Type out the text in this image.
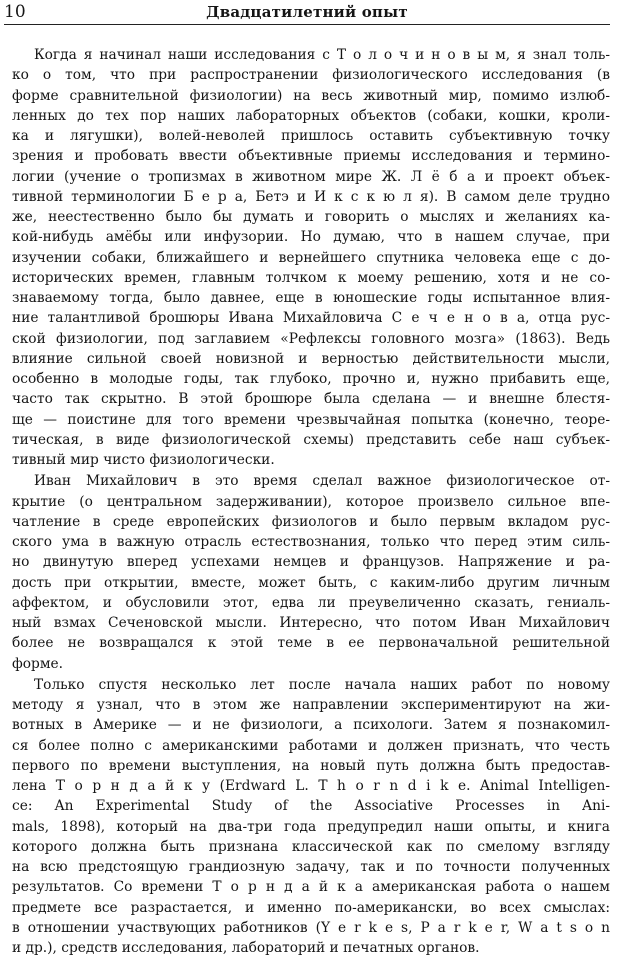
10	Двадцатилетний опыт
Когда я начинал наши исследования с Т о л о ч и н о в ы м, я знал толь-
ко о том, что при распространении физиологического исследования (в
форме сравнительной физиологии) на весь животный мир, помимо излюб-
ленных до тех пор наших лабораторных объектов (собаки, кошки, кроли-
ка и лягушки), волей-неволей пришлось оставить субъективную точку
зрения и пробовать ввести объективные приемы исследования и термино-
логии (учение о тропизмах в животном мире Ж. Л ё б а и проект объек-
тивной терминологии Б е р а, Бетэ и И к с к ю л я). В самом деле трудно
же, неестественно было бы думать и говорить о мыслях и желаниях ка-
кой-нибудь амёбы или инфузории. Но думаю, что в нашем случае, при
изучении собаки, ближайшего и вернейшего спутника человека еще с до-
исторических времен, главным толчком к моему решению, хотя и не со-
знаваемому тогда, было давнее, еще в юношеские годы испытанное влия-
ние талантливой брошюры Ивана Михайловича С е ч е н о в а, отца рус-
ской физиологии, под заглавием «Рефлексы головного мозга» (1863). Ведь
влияние сильной своей новизной и верностью действительности мысли,
особенно в молодые годы, так глубоко, прочно и, нужно прибавить еще,
часто так скрытно. В этой брошюре была сделана — и внешне блестя-
ще — поистине для того времени чрезвычайная попытка (конечно, теоре-
тическая, в виде физиологической схемы) представить себе наш субъек-
тивный мир чисто физиологически.
Иван Михайлович в это время сделал важное физиологическое от-
крытие (о центральном задерживании), которое произвело сильное впе-
чатление в среде европейских физиологов и было первым вкладом рус-
ского ума в важную отрасль естествознания, только что перед этим силь-
но двинутую вперед успехами немцев и французов. Напряжение и ра-
дость при открытии, вместе, может быть, с каким-либо другим личным
аффектом, и обусловили этот, едва ли преувеличенно сказать, гениаль-
ный взмах Сеченовской мысли. Интересно, что потом Иван Михайлович
более не возвращался к этой теме в ее первоначальной решительной
форме.
Только спустя несколько лет после начала наших работ по новому
методу я узнал, что в этом же направлении экспериментируют на жи-
вотных в Америке — и не физиологи, а психологи. Затем я познакомил-
ся более полно с американскими работами и должен признать, что честь
первого по времени выступления, на новый путь должна быть предостав-
лена Т о р н д а й к у (Erdward L. T h o r n d i k e. Animal Intelligen-
ce: An Experimental Study of the Associative Processes in Ani-
mals, 1898), который на два-три года предупредил наши опыты, и книга
которого должна быть признана классической как по смелому взгляду
на всю предстоящую грандиозную задачу, так и по точности полученных
результатов. Со времени Т о р н д а й к а американская работа о нашем
предмете все разрастается, и именно по-американски, во всех смыслах:
в отношении участвующих работников (Y e r k e s, P a r k e r, W a t s o n
и др.), средств исследования, лабораторий и печатных органов.
